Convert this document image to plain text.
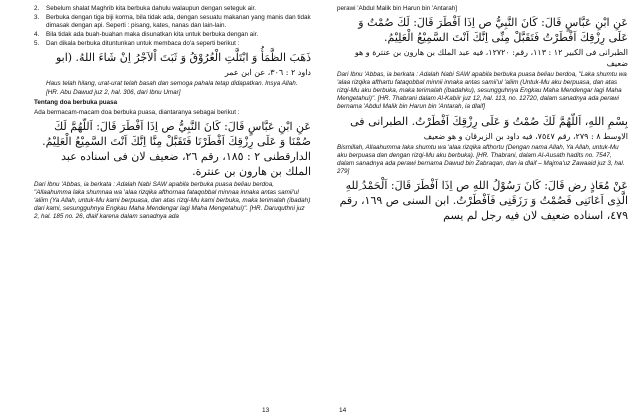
2.	Sebelum shalat Maghrib kita berbuka dahulu walaupun dengan seteguk air.
3.	Berbuka dengan tiga biji korma, bila tidak ada, dengan sesuatu makanan yang manis dan tidak dimasak dengan api. Seperti : pisang, kates, nanas dan lain-lain.
4.	Bila tidak ada buah-buahan maka disunatkan kita untuk berbuka dengan air.
5.	Dan dikala berbuka dituntunkan untuk membaca do'a seperti berikut :
ذَهَبَ الظَّمَأُ وَ ابْتَلَّتِ الْعُرُوْقُ وَ ثَبَتَ اْلاَجْرُ اِنْ شَاءَ اللهُ. (ابو
داود ٢ : ٣٠٦، عن ابن عمر

Haus telah hilang, urat-urat telah basah dan semoga pahala tetap didapatkan. Insya Allah. [HR. Abu Dawud juz 2, hal. 306, dari Ibnu Umar]

Tentang doa berbuka puasa

Ada bermacam-macam doa berbuka puasa, diantaranya sebagai berikut :

عَنِ ابْنِ عَبَّاسٍ قَالَ: كَانَ النَّبِيُّ ص اِذَا اَفْطَرَ قَالَ: اَللّهُمَّ لَكَ صُمْنَا وَ عَلَى رِزْقِكَ اَفْطَرْنَا فَتَقَبَّلْ مِنَّا اِنَّكَ اَنْتَ السَّمِيْعُ الْعَلِيْمُ. الدارقطنى ٢ : ١٨٥، رقم ٢٦، ضعيف لان فى اسناده عبد الملك بن هارون بن عنترة.

Dari Ibnu 'Abbas, ia berkata : Adalah Nabi SAW apabila berbuka puasa beliau berdoa, "Allaahumma laka shumnaa wa 'alaa rizqika afthornaa fataqobbal minnaa innaka antas samii'ul 'aliim (Ya Allah, untuk-Mu kami berpuasa, dan atas rizqi-Mu kami berbuka, maka terimalah (ibadah) dari kami, sesungguhnya Engkau Maha Mendengar lagi Maha Mengetahui)". [HR. Daruquthni juz 2, hal. 185 no. 26, dlaif karena dalam sanadnya ada

13

perawi 'Abdul Malik bin Harun bin 'Antarah]

عَنِ ابْنِ عَبَّاسٍ قَالَ: كَانَ النَّبِيُّ ص اِذَا اَفْطَرَ قَالَ: لَكَ صُمْتُ وَ عَلَى رِزْقِكَ اَفْطَرْتُ فَتَقَبَّلْ مِنِّى اِنَّكَ اَنْتَ السَّمِيْعُ الْعَلِيْمُ.
الطبرانى فى الكبير ١٢ : ١١٣، رقم: ١٢٧٢٠، فيه عبد الملك بن هارون بن عنترة و هو ضعيف

Dari Ibnu 'Abbas, ia berkata : Adalah Nabi SAW apabila berbuka puasa beliau berdoa, "Laka shumtu wa 'alaa rizqika afthartu fataqobbal minnii innaka antas samii'ul 'aliim (Untuk-Mu aku berpuasa, dan atas rizqi-Mu aku berbuka, maka terimalah (ibadahku), sesungguhnya Engkau Maha Mendengar lagi Maha Mengetahui)". [HR. Thabrani dalam Al-Kabiir juz 12, hal. 113, no. 12720, dalam sanadnya ada perawi bernama 'Abdul Malik bin Harun bin 'Antarah, ia dlaif]

بِسْمِ اللهِ، اَللّهُمَّ لَكَ صُمْتُ وَ عَلَى رِزْقِكَ اَفْطَرْتُ. الطبرانى فى
الاوسط ٨ : ٢٧٩، رقم ٧٥٤٧، فيه داود بن الزبرقان و هو ضعيف

Bismillah, Allaahumma laka shumtu wa 'alaa rizqika afthortu (Dengan nama Allah, Ya Allah, untuk-Mu aku berpuasa dan dengan rizqi-Mu aku berbuka). [HR. Thabrani, dalam Al-Ausath hadits no. 7547, dalam sanadnya ada perawi bernama Dawud bin Zabraqan, dan ia dlaif – Majma'uz Zawaaid juz 3, hal. 279]

عَنْ مُعَاذٍ رض قَالَ: كَانَ رَسُوْلُ اللهِ ص اِذَا اَفْطَرَ قَالَ: اَلْحَمْدُ ِللهِ الَّذِى اَعَانَنِى فَصُمْتُ وَ رَزَقَنِى فَاَفْطَرْتُ. ابن السنى ص ١٦٩، رقم ٤٧٩، اسناده ضعيف لان فيه رجل لم يسم
14
